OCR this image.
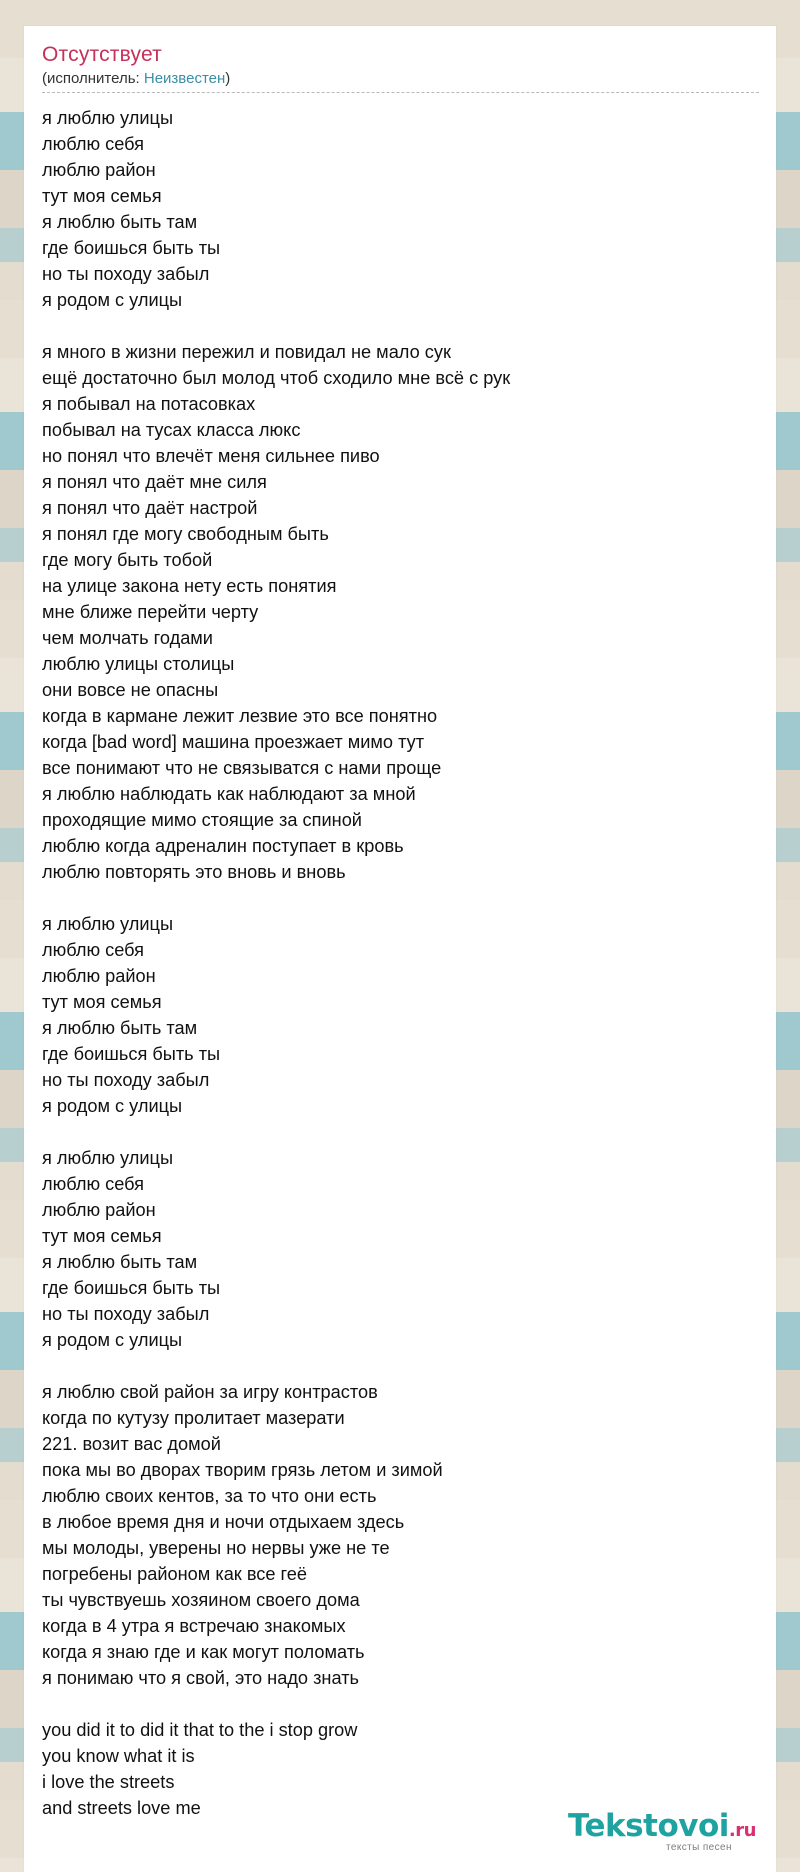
Отсутствует
(исполнитель: Неизвестен)
я люблю улицы
люблю себя
люблю район
тут моя семья
я люблю быть там
где боишься быть ты
но ты походу забыл
я родом с улицы

я много в жизни пережил и повидал не мало сук
ещё достаточно был молод чтоб сходило мне всё с рук
я побывал на потасовках
побывал на тусах класса люкс
но понял что влечёт меня сильнее пиво
я понял что даёт мне силя
я понял что даёт настрой
я понял где могу свободным быть
где могу быть тобой
на улице закона нету есть понятия
мне ближе перейти черту
чем молчать годами
люблю улицы столицы
они вовсе не опасны
когда в кармане лежит лезвие это все понятно
когда [bad word] машина проезжает мимо тут
все понимают что не связыватся с нами проще
я люблю наблюдать как наблюдают за мной
проходящие мимо стоящие за спиной
люблю когда адреналин поступает в кровь
люблю повторять это вновь и вновь

я люблю улицы
люблю себя
люблю район
тут моя семья
я люблю быть там
где боишься быть ты
но ты походу забыл
я родом с улицы

я люблю улицы
люблю себя
люблю район
тут моя семья
я люблю быть там
где боишься быть ты
но ты походу забыл
я родом с улицы

я люблю свой район за игру контрастов
когда по кутузу пролитает мазерати
221. возит вас домой
пока мы во дворах творим грязь летом и зимой
люблю своих кентов, за то что они есть
в любое время дня и ночи отдыхаем здесь
мы молоды, уверены но нервы уже не те
погребены районом как все геё
ты чувствуешь хозяином своего дома
когда в 4 утра я встречаю знакомых
когда я знаю где и как могут поломать
я понимаю что я свой, это надо знать

you did it to did it that to the i stop grow
you know what it is
i love the streets
and streets love me	Tekstovoi.ru
тексты песен
